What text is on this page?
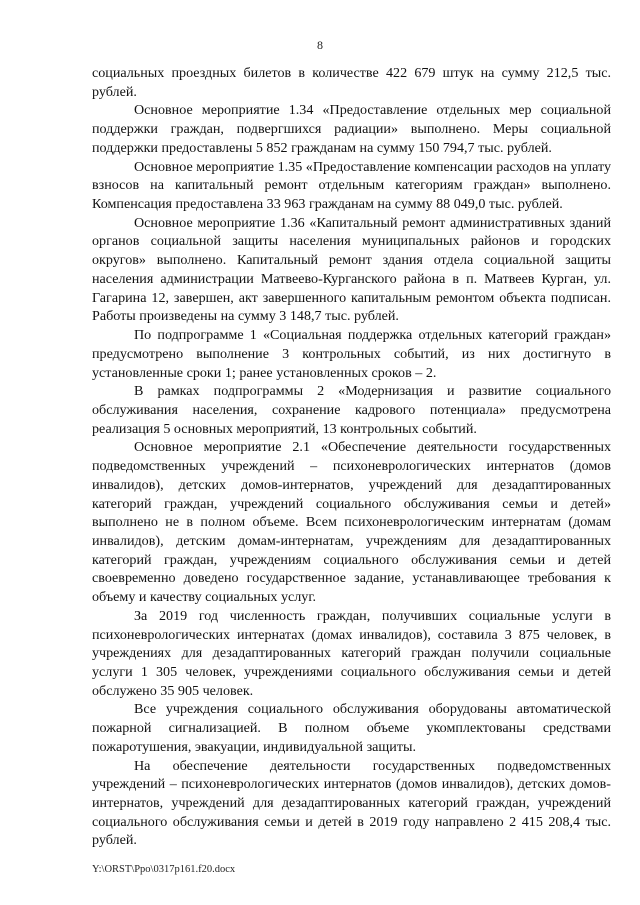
8

социальных проездных билетов в количестве 422 679 штук на сумму 212,5 тыс. рублей.

Основное мероприятие 1.34 «Предоставление отдельных мер социальной поддержки граждан, подвергшихся радиации» выполнено. Меры социальной поддержки предоставлены 5 852 гражданам на сумму 150 794,7 тыс. рублей.

Основное мероприятие 1.35 «Предоставление компенсации расходов на уплату взносов на капитальный ремонт отдельным категориям граждан» выполнено. Компенсация предоставлена 33 963 гражданам на сумму 88 049,0 тыс. рублей.

Основное мероприятие 1.36 «Капитальный ремонт административных зданий органов социальной защиты населения муниципальных районов и городских округов» выполнено. Капитальный ремонт здания отдела социальной защиты населения администрации Матвеево-Курганского района в п. Матвеев Курган, ул. Гагарина 12, завершен, акт завершенного капитальным ремонтом объекта подписан. Работы произведены на сумму 3 148,7 тыс. рублей.

По подпрограмме 1 «Социальная поддержка отдельных категорий граждан» предусмотрено выполнение 3 контрольных событий, из них достигнуто в установленные сроки 1; ранее установленных сроков – 2.

В рамках подпрограммы 2 «Модернизация и развитие социального обслуживания населения, сохранение кадрового потенциала» предусмотрена реализация 5 основных мероприятий, 13 контрольных событий.

Основное мероприятие 2.1 «Обеспечение деятельности государственных подведомственных учреждений – психоневрологических интернатов (домов инвалидов), детских домов-интернатов, учреждений для дезадаптированных категорий граждан, учреждений социального обслуживания семьи и детей» выполнено не в полном объеме. Всем психоневрологическим интернатам (домам инвалидов), детским домам-интернатам, учреждениям для дезадаптированных категорий граждан, учреждениям социального обслуживания семьи и детей своевременно доведено государственное задание, устанавливающее требования к объему и качеству социальных услуг.

За 2019 год численность граждан, получивших социальные услуги в психоневрологических интернатах (домах инвалидов), составила 3 875 человек, в учреждениях для дезадаптированных категорий граждан получили социальные услуги 1 305 человек, учреждениями социального обслуживания семьи и детей обслужено 35 905 человек.

Все учреждения социального обслуживания оборудованы автоматической пожарной сигнализацией. В полном объеме укомплектованы средствами пожаротушения, эвакуации, индивидуальной защиты.

На обеспечение деятельности государственных подведомственных учреждений – психоневрологических интернатов (домов инвалидов), детских домов-интернатов, учреждений для дезадаптированных категорий граждан, учреждений социального обслуживания семьи и детей в 2019 году направлено 2 415 208,4 тыс. рублей.

Y:\ORST\Ppo\0317p161.f20.docx
